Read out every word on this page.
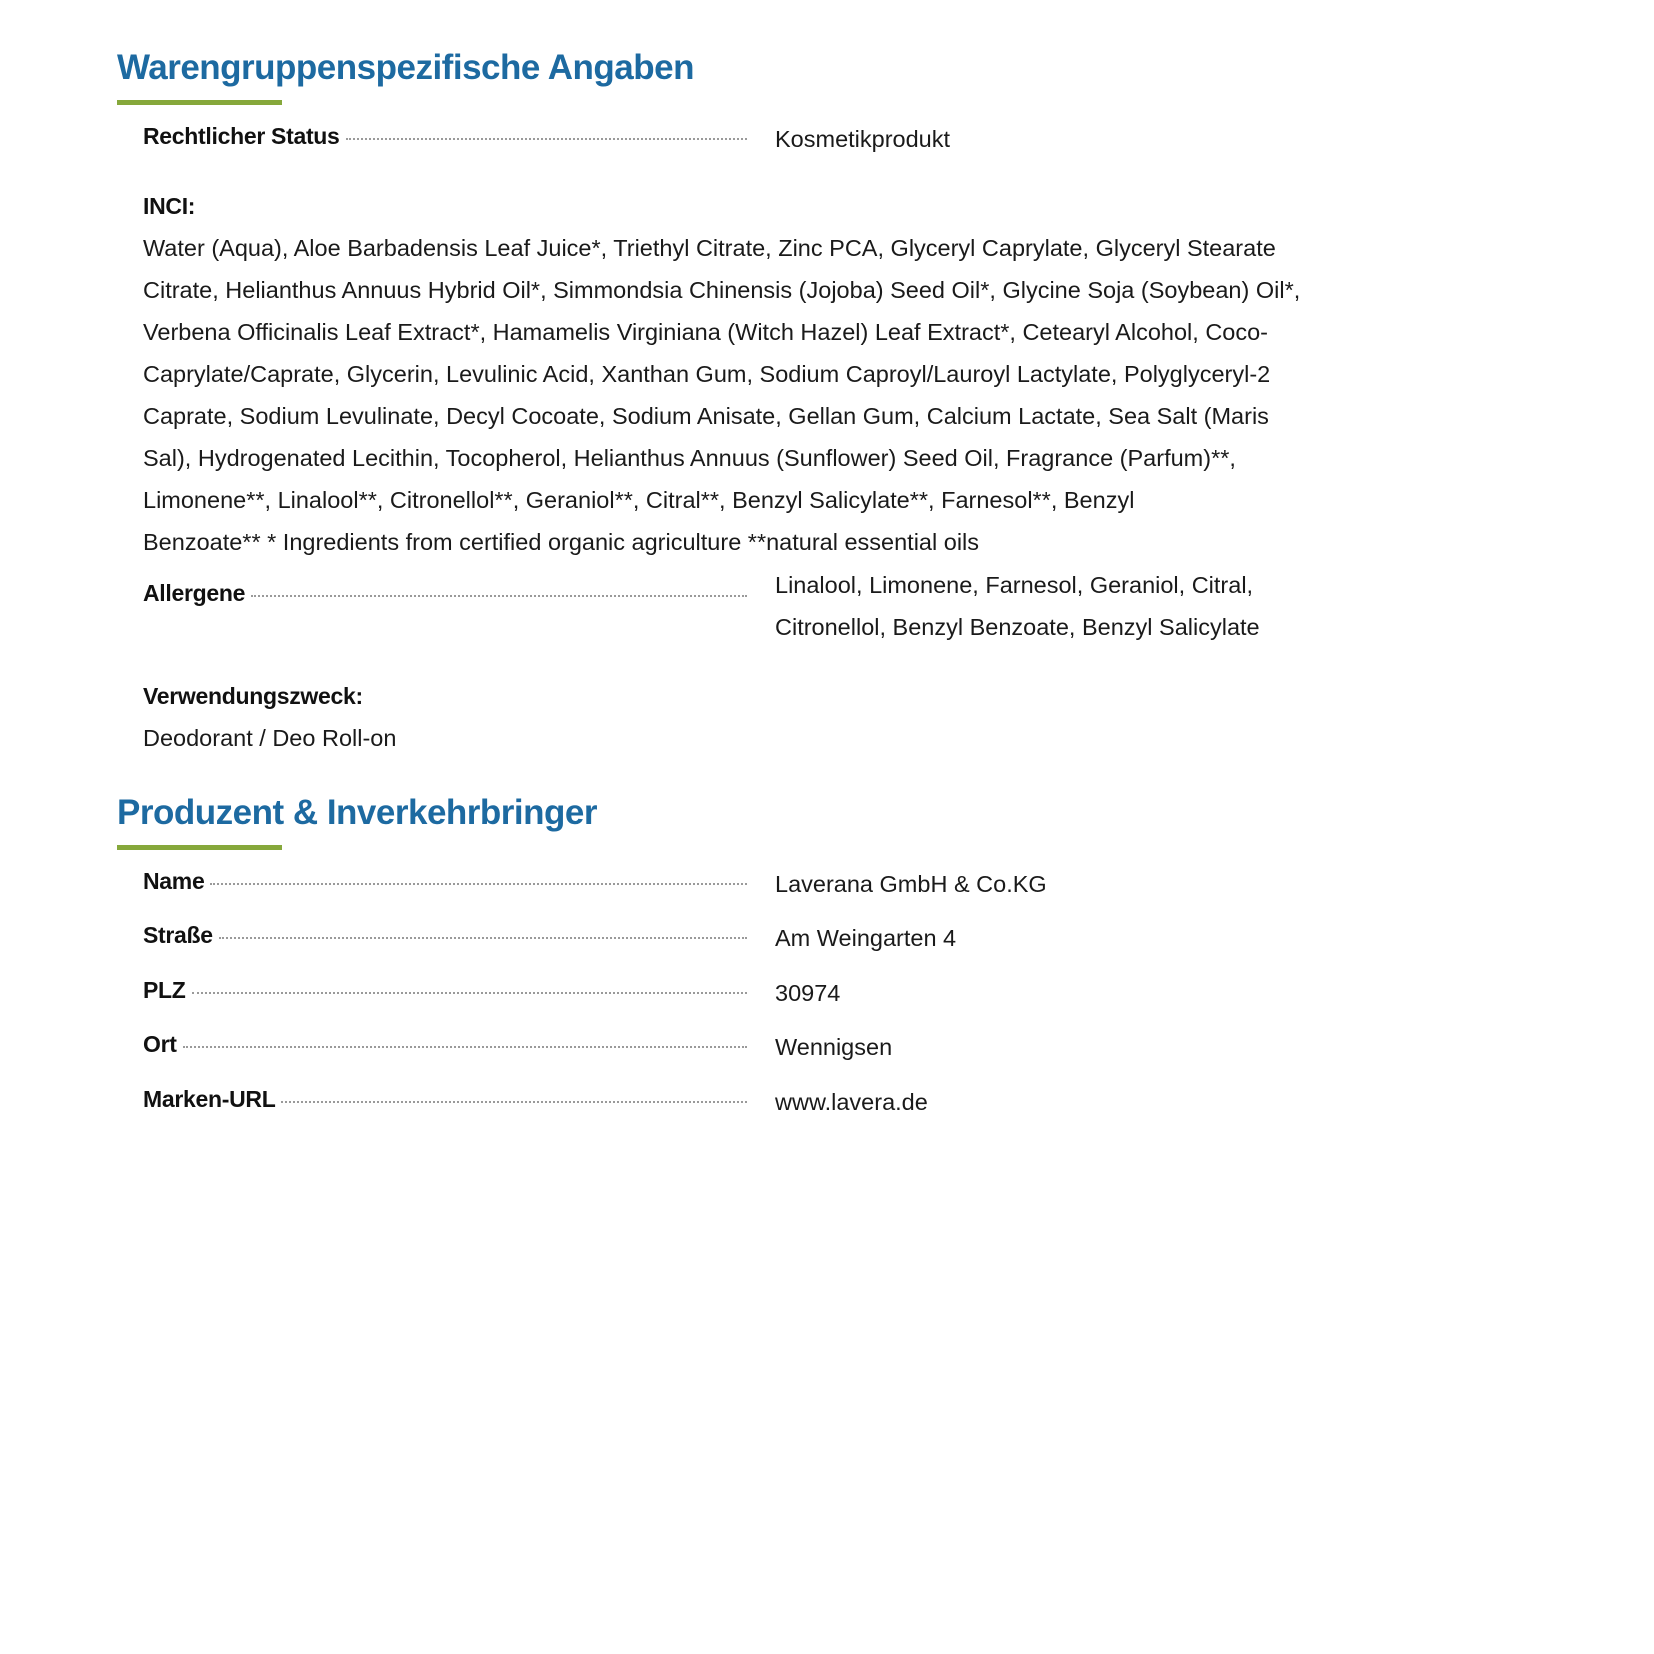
Warengruppenspezifische Angaben
Rechtlicher Status	Kosmetikprodukt
INCI:
Water (Aqua), Aloe Barbadensis Leaf Juice*, Triethyl Citrate, Zinc PCA, Glyceryl Caprylate, Glyceryl Stearate
Citrate, Helianthus Annuus Hybrid Oil*, Simmondsia Chinensis (Jojoba) Seed Oil*, Glycine Soja (Soybean) Oil*,
Verbena Officinalis Leaf Extract*, Hamamelis Virginiana (Witch Hazel) Leaf Extract*, Cetearyl Alcohol, Coco-
Caprylate/Caprate, Glycerin, Levulinic Acid, Xanthan Gum, Sodium Caproyl/Lauroyl Lactylate, Polyglyceryl-2
Caprate, Sodium Levulinate, Decyl Cocoate, Sodium Anisate, Gellan Gum, Calcium Lactate, Sea Salt (Maris
Sal), Hydrogenated Lecithin, Tocopherol, Helianthus Annuus (Sunflower) Seed Oil, Fragrance (Parfum)**,
Limonene**, Linalool**, Citronellol**, Geraniol**, Citral**, Benzyl Salicylate**, Farnesol**, Benzyl
Benzoate** * Ingredients from certified organic agriculture **natural essential oils
Allergene	Linalool, Limonene, Farnesol, Geraniol, Citral,
Citronellol, Benzyl Benzoate, Benzyl Salicylate
Verwendungszweck:
Deodorant / Deo Roll-on
Produzent & Inverkehrbringer
Name	Laverana GmbH & Co.KG
Straße	Am Weingarten 4
PLZ	30974
Ort	Wennigsen
Marken-URL	www.lavera.de
